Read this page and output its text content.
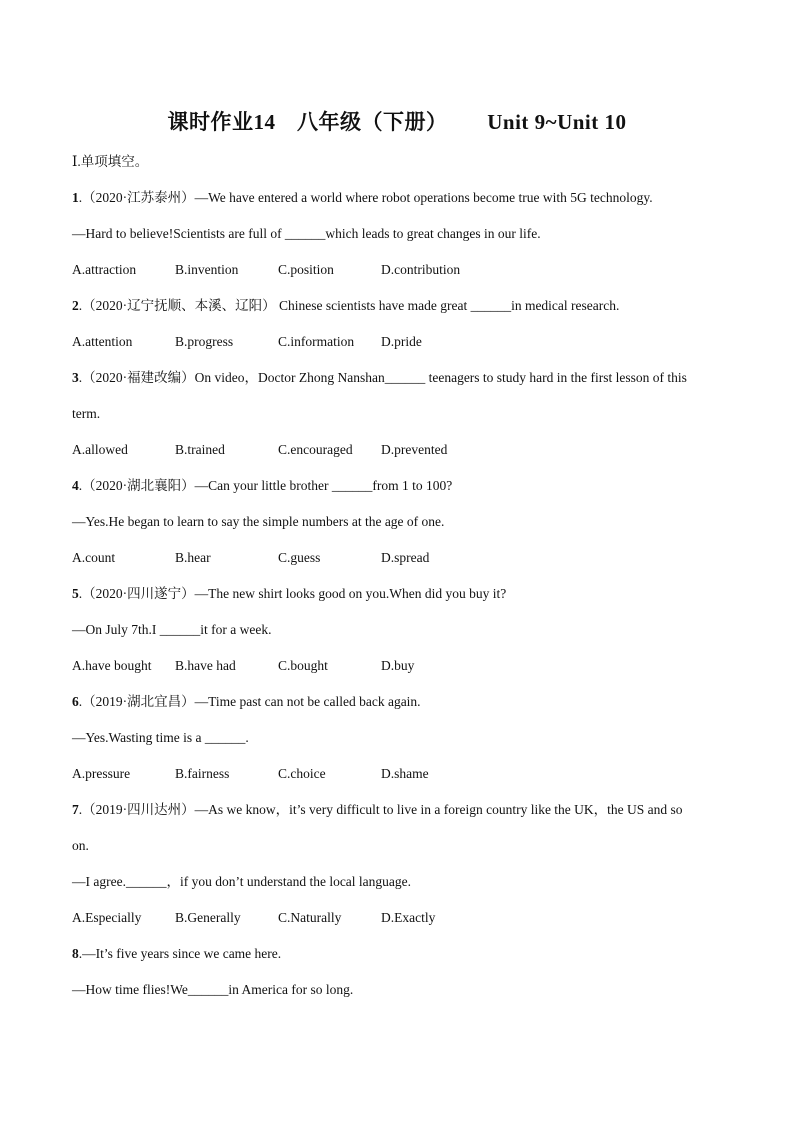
课时作业14　八年级（下册） Unit 9~Unit 10
Ⅰ.单项填空。
1.（2020·江苏泰州）—We have entered a world where robot operations become true with 5G technology.
—Hard to believe!Scientists are full of ______which leads to great changes in our life.
A.attraction	B.invention	C.position	D.contribution
2.（2020·辽宁抚顺、本溪、辽阳） Chinese scientists have made great ______in medical research.
A.attention	B.progress	C.information	D.pride
3.（2020·福建改编）On video，Doctor Zhong Nanshan______ teenagers to study hard in the first lesson of this
term.
A.allowed	B.trained	C.encouraged	D.prevented
4.（2020·湖北襄阳）—Can your little brother ______from 1 to 100?
—Yes.He began to learn to say the simple numbers at the age of one.
A.count	B.hear	C.guess	D.spread
5.（2020·四川遂宁）—The new shirt looks good on you.When did you buy it?
—On July 7th.I ______it for a week.
A.have bought	B.have had	C.bought	D.buy
6.（2019·湖北宜昌）—Time past can not be called back again.
—Yes.Wasting time is a ______.
A.pressure	B.fairness	C.choice	D.shame
7.（2019·四川达州）—As we know，it’s very difficult to live in a foreign country like the UK，the US and so
on.
—I agree.______，if you don’t understand the local language.
A.Especially	B.Generally	C.Naturally	D.Exactly
8.—It’s five years since we came here.
—How time flies!We______in America for so long.
